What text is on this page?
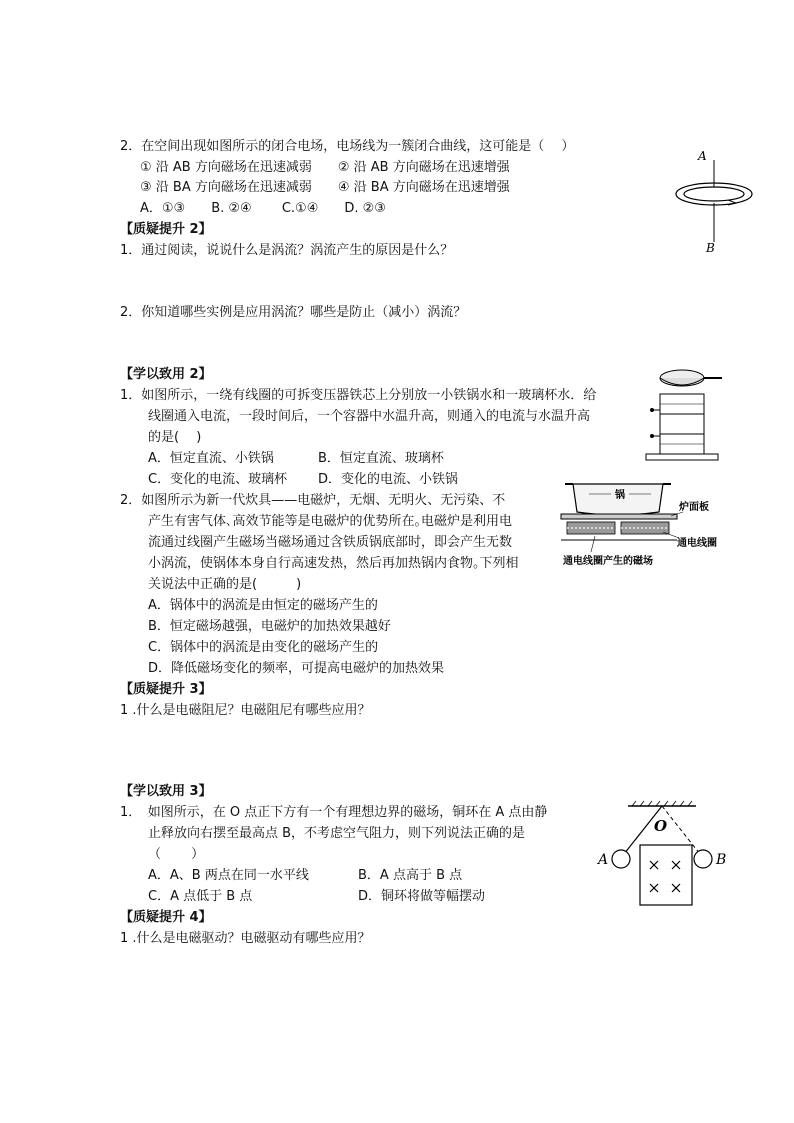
2．在空间出现如图所示的闭合电场，电场线为一簇闭合曲线，这可能是（　 ）
① 沿 AB 方向磁场在迅速减弱　　② 沿 AB 方向磁场在迅速增强
③ 沿 BA 方向磁场在迅速减弱　　④ 沿 BA 方向磁场在迅速增强
A．①③　　B. ②④　　 C.①④　　D. ②③
A
B
【质疑提升 2】
1．通过阅读，说说什么是涡流？涡流产生的原因是什么？
2．你知道哪些实例是应用涡流？哪些是防止（减小）涡流？
【学以致用 2】
1．如图所示，一绕有线圈的可拆变压器铁芯上分别放一小铁锅水和一玻璃杯水．给
线圈通入电流，一段时间后，一个容器中水温升高，则通入的电流与水温升高
的是(　 )
A．恒定直流、小铁锅	B．恒定直流、玻璃杯
C．变化的电流、玻璃杯 D．变化的电流、小铁锅
2．如图所示为新一代炊具——电磁炉，无烟、无明火、无污染、不
产生有害气体､高效节能等是电磁炉的优势所在｡电磁炉是利用电
流通过线圈产生磁场当磁场通过含铁质锅底部时，即会产生无数
小涡流，使锅体本身自行高速发热，然后再加热锅内食物｡下列相
关说法中正确的是(　　　)
A．锅体中的涡流是由恒定的磁场产生的
B．恒定磁场越强，电磁炉的加热效果越好
C．锅体中的涡流是由变化的磁场产生的
D．降低磁场变化的频率，可提高电磁炉的加热效果
锅
炉面板
通电线圈
通电线圈产生的磁场
【质疑提升 3】
1 .什么是电磁阻尼？电磁阻尼有哪些应用？
【学以致用 3】
1．　如图所示，在 O 点正下方有一个有理想边界的磁场，铜环在 A 点由静
止释放向右摆至最高点 B，不考虑空气阻力，则下列说法正确的是
（　　 ）
A．A、B 两点在同一水平线	B．A 点高于 B 点
C．A 点低于 B 点	D．铜环将做等幅摆动
O
A	B
【质疑提升 4】
1 .什么是电磁驱动？电磁驱动有哪些应用？
